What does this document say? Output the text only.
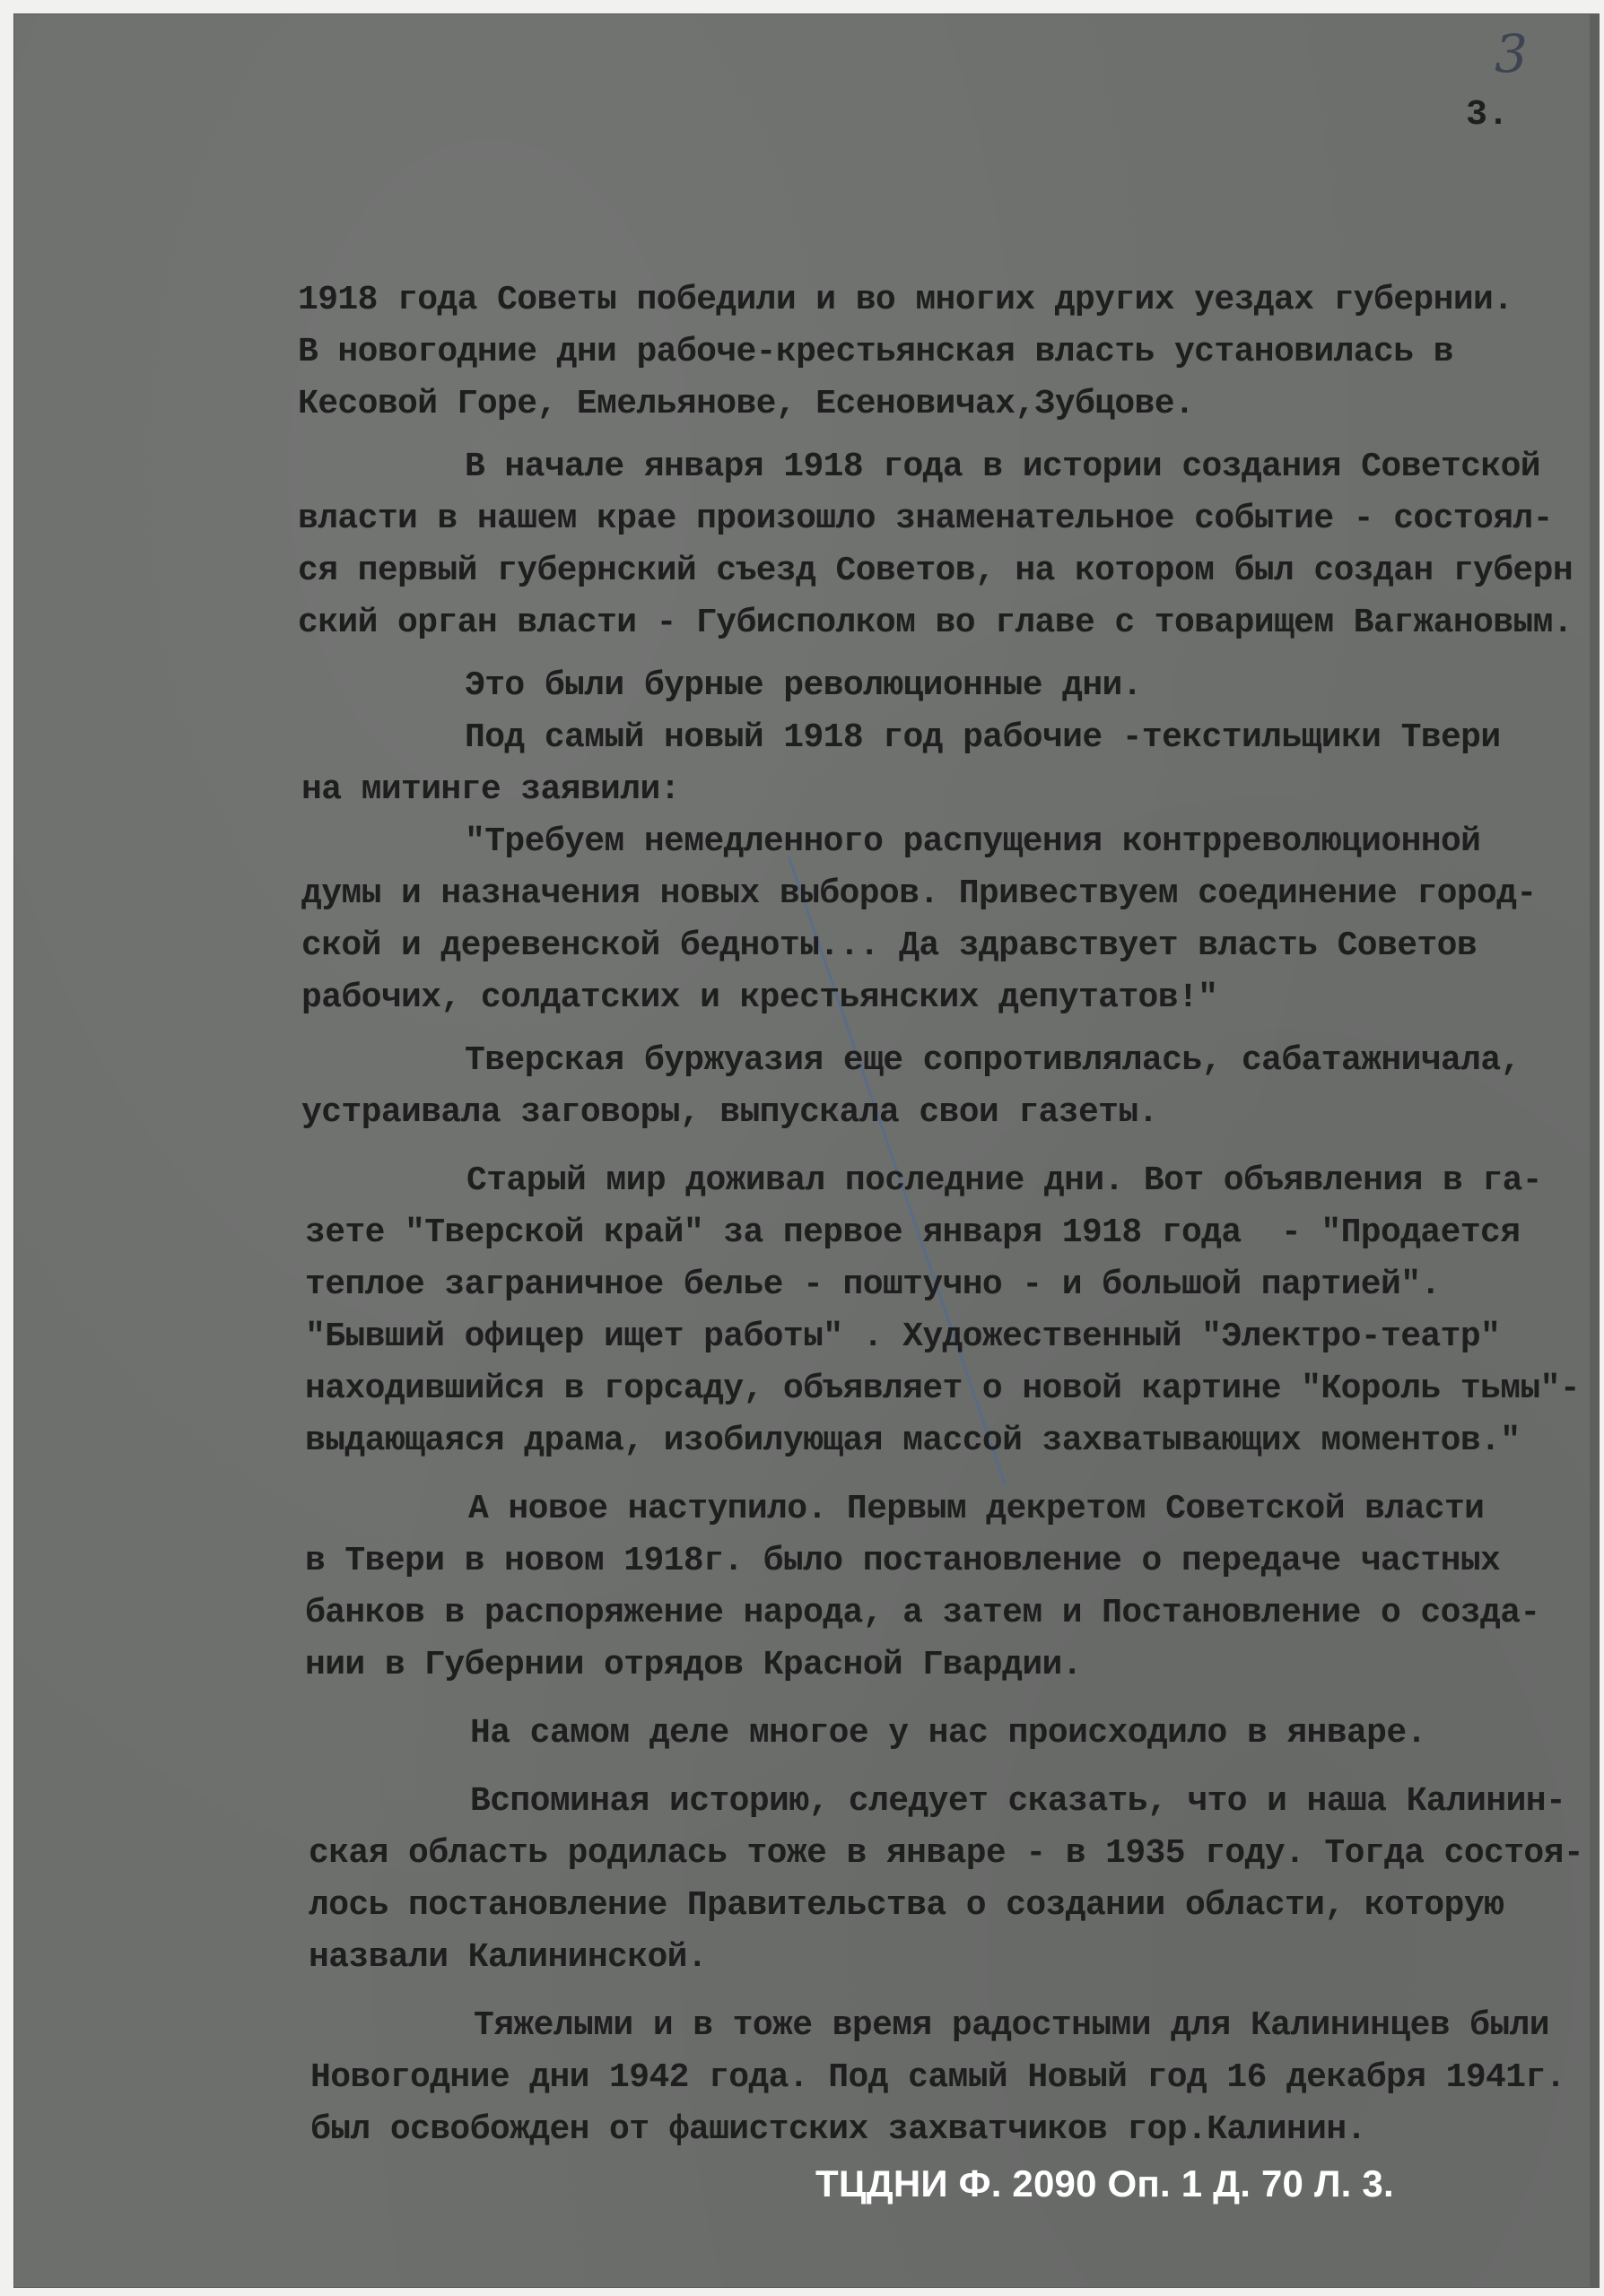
3
3.
1918 года Советы победили и во многих других уездах губернии.
В новогодние дни рабоче-крестьянская власть установилась в
Кесовой Горе, Емельянове, Есеновичах,Зубцове.
В начале января 1918 года в истории создания Советской
власти в нашем крае произошло знаменательное событие - состоял-
ся первый губернский съезд Советов, на котором был создан губерн
ский орган власти - Губисполком во главе с товарищем Вагжановым.
Это были бурные революционные дни.
Под самый новый 1918 год рабочие -текстильщики Твери
на митинге заявили:
"Требуем немедленного распущения контрреволюционной
думы и назначения новых выборов. Привествуем соединение город-
ской и деревенской бедноты... Да здравствует власть Советов
рабочих, солдатских и крестьянских депутатов!"
Тверская буржуазия еще сопротивлялась, сабатажничала,
устраивала заговоры, выпускала свои газеты.
Старый мир доживал последние дни. Вот объявления в га-
зете "Тверской край" за первое января 1918 года  - "Продается
теплое заграничное белье - поштучно - и большой партией".
"Бывший офицер ищет работы" . Художественный "Электро-театр"
находившийся в горсаду, объявляет о новой картине "Король тьмы"-
выдающаяся драма, изобилующая массой захватывающих моментов."
А новое наступило. Первым декретом Советской власти
в Твери в новом 1918г. было постановление о передаче частных
банков в распоряжение народа, а затем и Постановление о созда-
нии в Губернии отрядов Красной Гвардии.
На самом деле многое у нас происходило в январе.
Вспоминая историю, следует сказать, что и наша Калинин-
ская область родилась тоже в январе - в 1935 году. Тогда состоя-
лось постановление Правительства о создании области, которую
назвали Калининской.
Тяжелыми и в тоже время радостными для Калининцев были
Новогодние дни 1942 года. Под самый Новый год 16 декабря 1941г.
был освобожден от фашистских захватчиков гор.Калинин.
ТЦДНИ Ф. 2090 Оп. 1 Д. 70 Л. 3.
